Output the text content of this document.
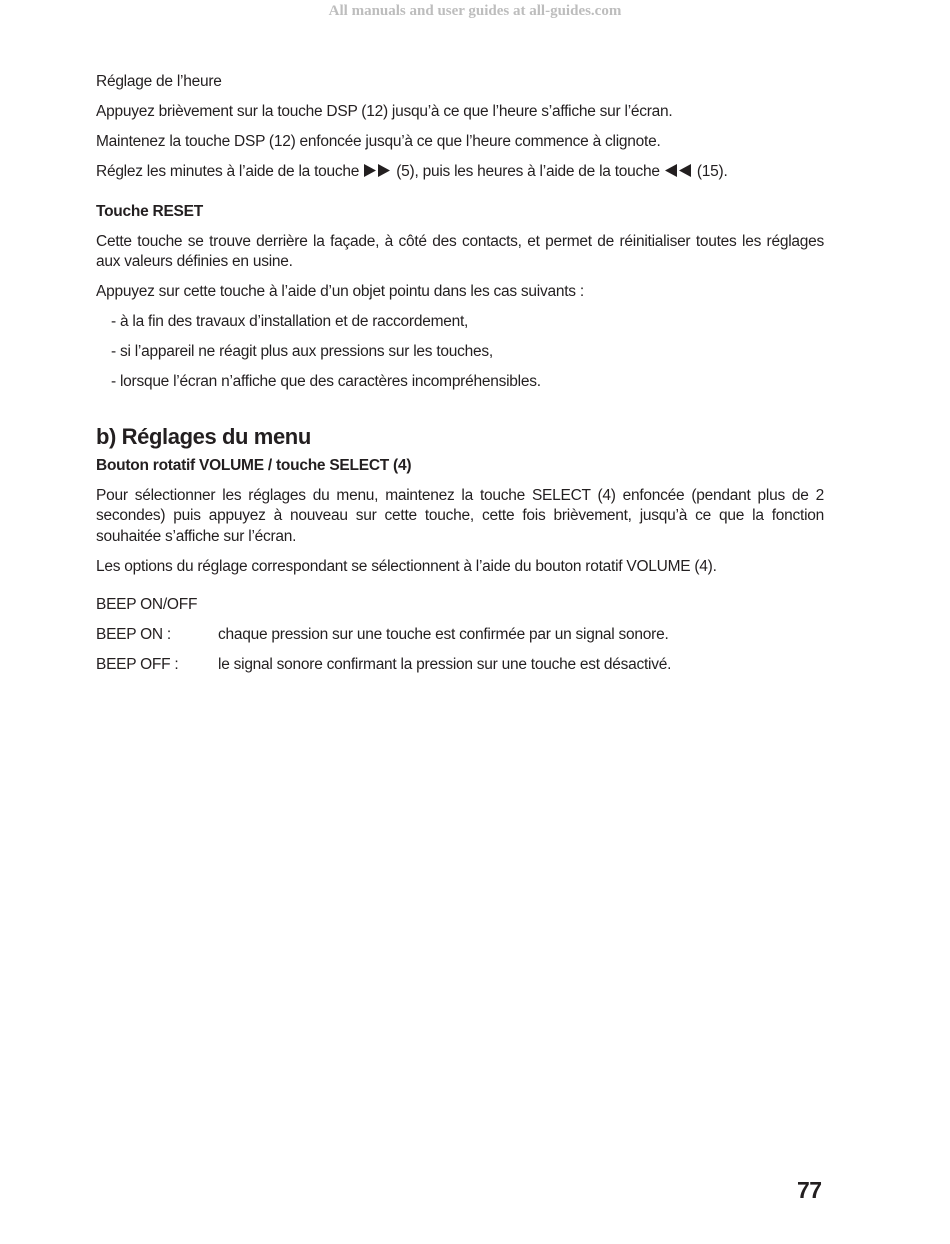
All manuals and user guides at all-guides.com

Réglage de l’heure

Appuyez brièvement sur la touche DSP (12) jusqu’à ce que l’heure s’affiche sur l’écran.

Maintenez la touche DSP (12) enfoncée jusqu’à ce que l’heure commence à clignote.

Réglez les minutes à l’aide de la touche (5), puis les heures à l’aide de la touche (15).

Touche RESET

Cette touche se trouve derrière la façade, à côté des contacts, et permet de réinitialiser toutes les réglages aux valeurs définies en usine.

Appuyez sur cette touche à l’aide d’un objet pointu dans les cas suivants :

- à la fin des travaux d’installation et de raccordement,

- si l’appareil ne réagit plus aux pressions sur les touches,

- lorsque l’écran n’affiche que des caractères incompréhensibles.

b) Réglages du menu

Bouton rotatif VOLUME / touche SELECT (4)

Pour sélectionner les réglages du menu, maintenez la touche SELECT (4) enfoncée (pendant plus de 2 secondes) puis appuyez à nouveau sur cette touche, cette fois brièvement, jusqu’à ce que la fonction souhaitée s’affiche sur l’écran.

Les options du réglage correspondant se sélectionnent à l’aide du bouton rotatif VOLUME (4).

BEEP ON/OFF

BEEP ON :	chaque pression sur une touche est confirmée par un signal sonore.
BEEP OFF :	le signal sonore confirmant la pression sur une touche est désactivé.
77
